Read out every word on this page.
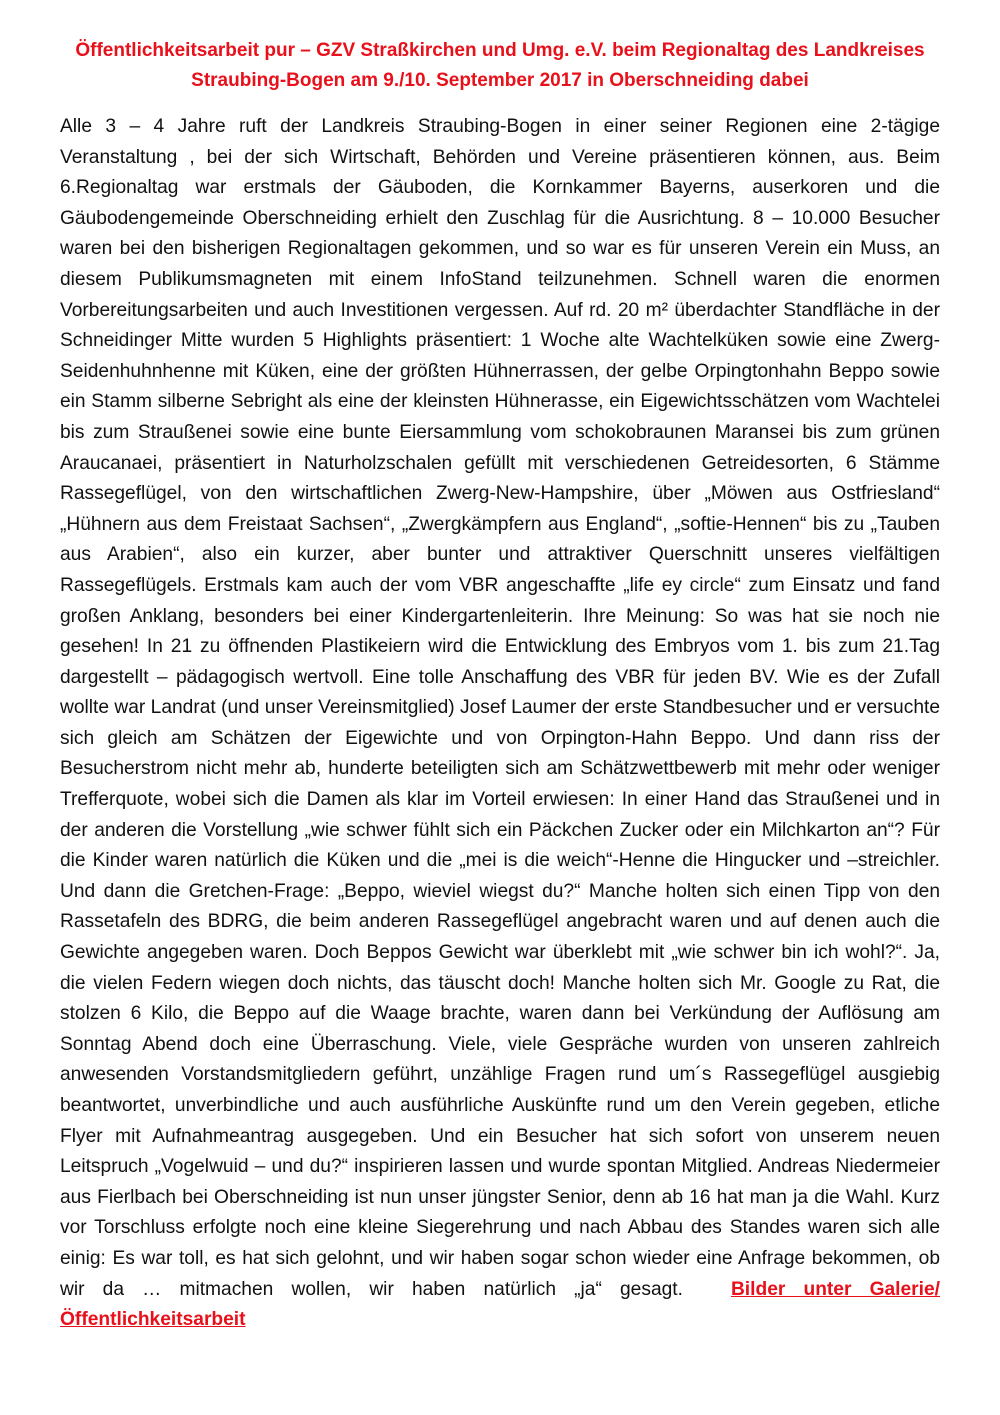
Öffentlichkeitsarbeit pur – GZV Straßkirchen und Umg. e.V. beim Regionaltag des Landkreises
Straubing-Bogen am 9./10. September 2017 in Oberschneiding dabei

Alle 3 – 4 Jahre ruft der Landkreis Straubing-Bogen in einer seiner Regionen eine 2-tägige Veranstaltung , bei der sich Wirtschaft, Behörden und Vereine präsentieren können, aus. Beim 6.Regionaltag war erstmals der Gäuboden, die Kornkammer Bayerns, auserkoren und die Gäubodengemeinde Oberschneiding erhielt den Zuschlag für die Ausrichtung. 8 – 10.000 Besucher waren bei den bisherigen Regionaltagen gekommen, und so war es für unseren Verein ein Muss, an diesem Publikumsmagneten mit einem InfoStand teilzunehmen. Schnell waren die enormen Vorbereitungsarbeiten und auch Investitionen vergessen. Auf rd. 20 m² überdachter Standfläche in der Schneidinger Mitte wurden 5 Highlights präsentiert: 1 Woche alte Wachtelküken sowie eine Zwerg-Seidenhuhnhenne mit Küken, eine der größten Hühnerrassen, der gelbe Orpingtonhahn Beppo sowie ein Stamm silberne Sebright als eine der kleinsten Hühnerasse, ein Eigewichtsschätzen vom Wachtelei bis zum Straußenei sowie eine bunte Eiersammlung vom schokobraunen Maransei bis zum grünen Araucanaei, präsentiert in Naturholzschalen gefüllt mit verschiedenen Getreidesorten, 6 Stämme Rassegeflügel, von den wirtschaftlichen Zwerg-New-Hampshire, über „Möwen aus Ostfriesland“ „Hühnern aus dem Freistaat Sachsen“, „Zwergkämpfern aus England“, „softie-Hennen“ bis zu „Tauben aus Arabien“, also ein kurzer, aber bunter und attraktiver Querschnitt unseres vielfältigen Rassegeflügels. Erstmals kam auch der vom VBR angeschaffte „life ey circle“ zum Einsatz und fand großen Anklang, besonders bei einer Kindergartenleiterin. Ihre Meinung: So was hat sie noch nie gesehen! In 21 zu öffnenden Plastikeiern wird die Entwicklung des Embryos vom 1. bis zum 21.Tag dargestellt – pädagogisch wertvoll. Eine tolle Anschaffung des VBR für jeden BV. Wie es der Zufall wollte war Landrat (und unser Vereinsmitglied) Josef Laumer der erste Standbesucher und er versuchte sich gleich am Schätzen der Eigewichte und von Orpington-Hahn Beppo. Und dann riss der Besucherstrom nicht mehr ab, hunderte beteiligten sich am Schätzwettbewerb mit mehr oder weniger Trefferquote, wobei sich die Damen als klar im Vorteil erwiesen: In einer Hand das Straußenei und in der anderen die Vorstellung „wie schwer fühlt sich ein Päckchen Zucker oder ein Milchkarton an“? Für die Kinder waren natürlich die Küken und die „mei is die weich“-Henne die Hingucker und –streichler. Und dann die Gretchen-Frage: „Beppo, wieviel wiegst du?“ Manche holten sich einen Tipp von den Rassetafeln des BDRG, die beim anderen Rassegeflügel angebracht waren und auf denen auch die Gewichte angegeben waren. Doch Beppos Gewicht war überklebt mit „wie schwer bin ich wohl?“. Ja, die vielen Federn wiegen doch nichts, das täuscht doch! Manche holten sich Mr. Google zu Rat, die stolzen 6 Kilo, die Beppo auf die Waage brachte, waren dann bei Verkündung der Auflösung am Sonntag Abend doch eine Überraschung. Viele, viele Gespräche wurden von unseren zahlreich anwesenden Vorstandsmitgliedern geführt, unzählige Fragen rund um´s Rassegeflügel ausgiebig beantwortet, unverbindliche und auch ausführliche Auskünfte rund um den Verein gegeben, etliche Flyer mit Aufnahmeantrag ausgegeben. Und ein Besucher hat sich sofort von unserem neuen Leitspruch „Vogelwuid – und du?“ inspirieren lassen und wurde spontan Mitglied. Andreas Niedermeier aus Fierlbach bei Oberschneiding ist nun unser jüngster Senior, denn ab 16 hat man ja die Wahl. Kurz vor Torschluss erfolgte noch eine kleine Siegerehrung und nach Abbau des Standes waren sich alle einig: Es war toll, es hat sich gelohnt, und wir haben sogar schon wieder eine Anfrage bekommen, ob wir da … mitmachen wollen, wir haben natürlich „ja“ gesagt.	Bilder unter Galerie/Öffentlichkeitsarbeit
